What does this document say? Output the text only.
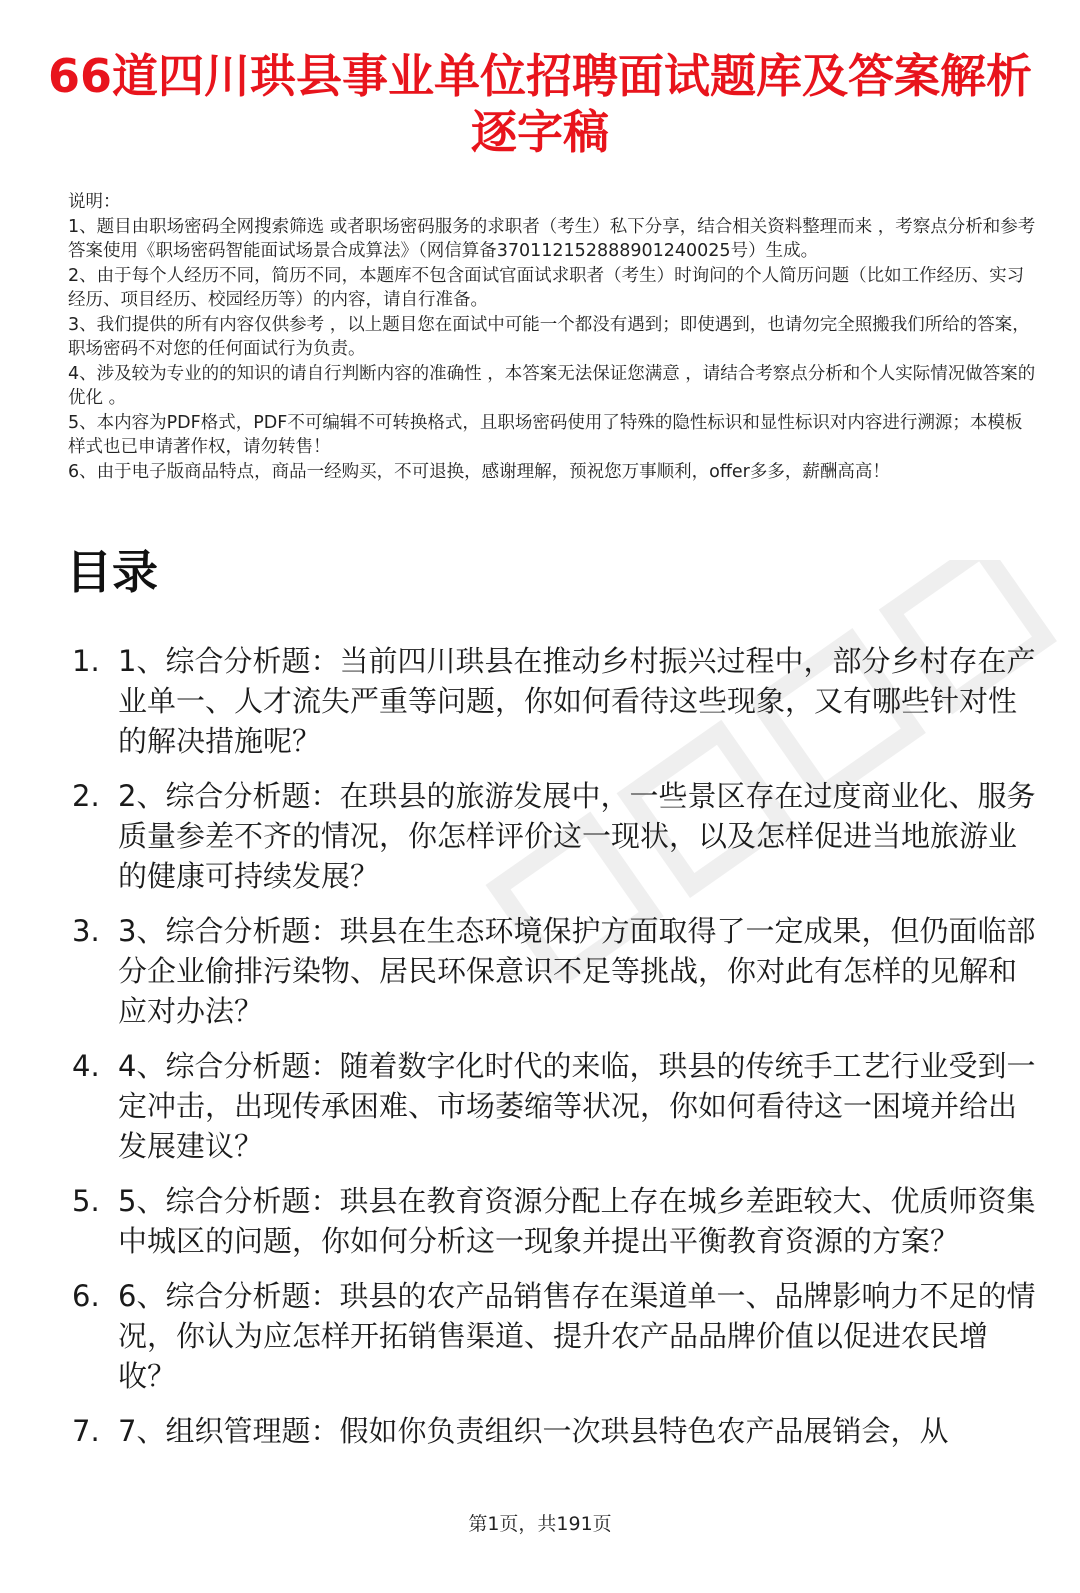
66道四川珙县事业单位招聘面试题库及答案解析逐字稿

说明：

1、题目由职场密码全网搜索筛选 或者职场密码服务的求职者（考生）私下分享，结合相关资料整理而来 ，考察点分析和参考答案使用《职场密码智能面试场景合成算法》（网信算备370112152888901240025号）生成。

2、由于每个人经历不同，简历不同，本题库不包含面试官面试求职者（考生）时询问的个人简历问题（比如工作经历、实习经历、项目经历、校园经历等）的内容，请自行准备。

3、我们提供的所有内容仅供参考 ，以上题目您在面试中可能一个都没有遇到；即使遇到，也请勿完全照搬我们所给的答案，职场密码不对您的任何面试行为负责。

4、涉及较为专业的的知识的请自行判断内容的准确性 ，本答案无法保证您满意 ，请结合考察点分析和个人实际情况做答案的优化 。

5、本内容为PDF格式，PDF不可编辑不可转换格式，且职场密码使用了特殊的隐性标识和显性标识对内容进行溯源；本模板样式也已申请著作权，请勿转售！

6、由于电子版商品特点，商品一经购买，不可退换，感谢理解，预祝您万事顺利，offer多多，薪酬高高！

目录
1. 1、综合分析题：当前四川珙县在推动乡村振兴过程中，部分乡村存在产业单一、人才流失严重等问题，你如何看待这些现象，又有哪些针对性的解决措施呢？
2. 2、综合分析题：在珙县的旅游发展中，一些景区存在过度商业化、服务质量参差不齐的情况，你怎样评价这一现状，以及怎样促进当地旅游业的健康可持续发展？
3. 3、综合分析题：珙县在生态环境保护方面取得了一定成果，但仍面临部分企业偷排污染物、居民环保意识不足等挑战，你对此有怎样的见解和应对办法？
4. 4、综合分析题：随着数字化时代的来临，珙县的传统手工艺行业受到一定冲击，出现传承困难、市场萎缩等状况，你如何看待这一困境并给出发展建议？
5. 5、综合分析题：珙县在教育资源分配上存在城乡差距较大、优质师资集中城区的问题，你如何分析这一现象并提出平衡教育资源的方案？
6. 6、综合分析题：珙县的农产品销售存在渠道单一、品牌影响力不足的情况，你认为应怎样开拓销售渠道、提升农产品品牌价值以促进农民增收？
7. 7、组织管理题：假如你负责组织一次珙县特色农产品展销会，从
第1页，共191页
